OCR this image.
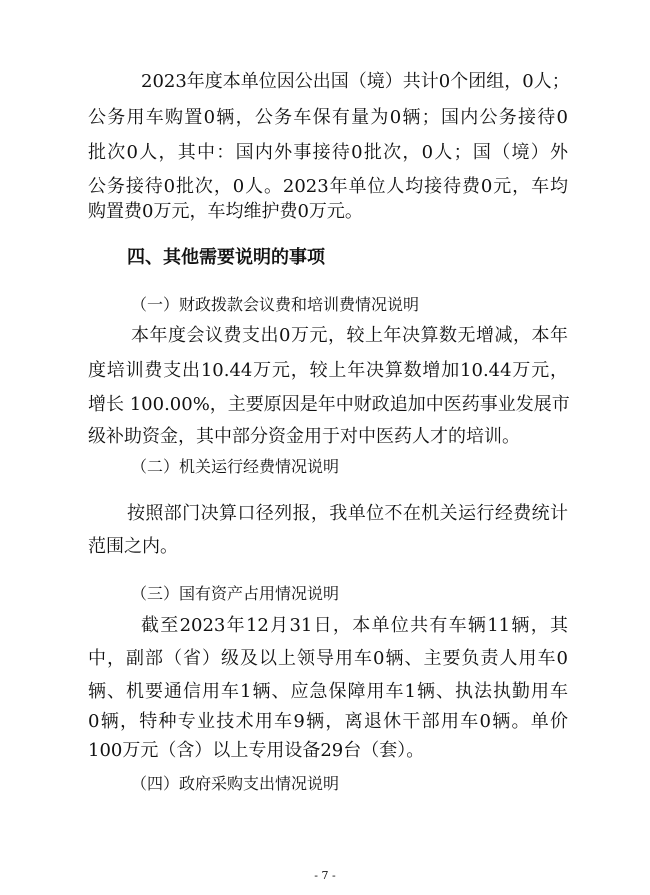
2023年度本单位因公出国（境）共计0个团组，0人；
公务用车购置0辆，公务车保有量为0辆；国内公务接待0
批次0人，其中：国内外事接待0批次，0人；国（境）外
公务接待0批次，0人。2023年单位人均接待费0元，车均
购置费0万元，车均维护费0万元。
四、其他需要说明的事项
（一）财政拨款会议费和培训费情况说明
本年度会议费支出0万元，较上年决算数无增减，本年
度培训费支出10.44万元，较上年决算数增加10.44万元，
增长 100.00%，主要原因是年中财政追加中医药事业发展市
级补助资金，其中部分资金用于对中医药人才的培训。
（二）机关运行经费情况说明
按照部门决算口径列报，我单位不在机关运行经费统计
范围之内。
（三）国有资产占用情况说明
截至2023年12月31日，本单位共有车辆11辆，其
中，副部（省）级及以上领导用车0辆、主要负责人用车0
辆、机要通信用车1辆、应急保障用车1辆、执法执勤用车
0辆，特种专业技术用车9辆，离退休干部用车0辆。单价
100万元（含）以上专用设备29台（套）。
（四）政府采购支出情况说明
- 7 -
